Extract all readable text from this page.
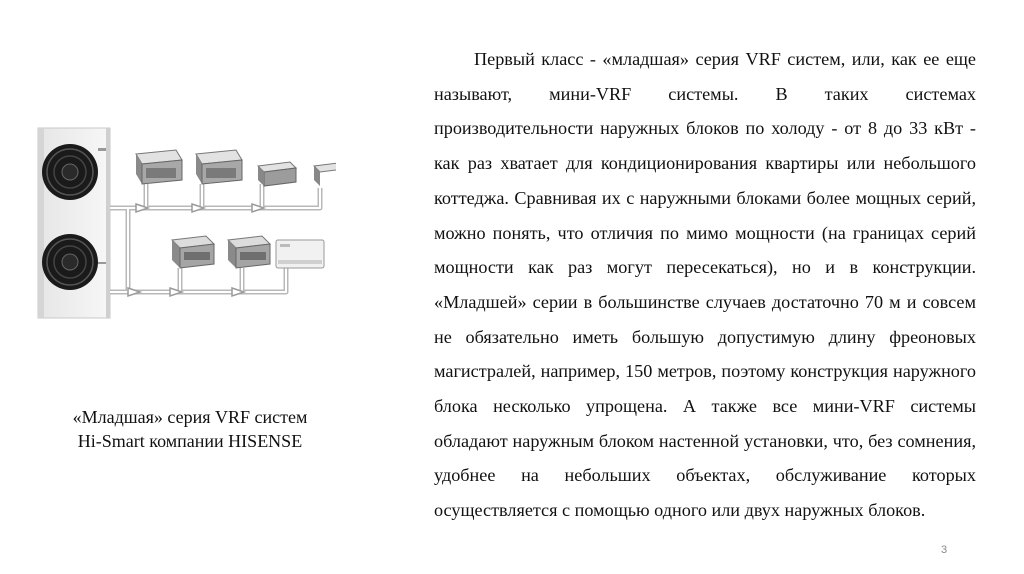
«Младшая» серия VRF систем
Hi-Smart компании HISENSE

Первый класс - «младшая» серия VRF систем, или, как ее еще называют, мини-VRF системы. В таких системах производительности наружных блоков по холоду - от 8 до 33 кВт - как раз хватает для кондиционирования квартиры или небольшого коттеджа. Сравнивая их с наружными блоками более мощных серий, можно понять, что отличия по мимо мощности (на границах серий мощности как раз могут пересекаться), но и в конструкции. «Младшей» серии в большинстве случаев достаточно 70 м и совсем не обязательно иметь большую допустимую длину фреоновых магистралей, например, 150 метров, поэтому конструкция наружного блока несколько упрощена. А также все мини-VRF системы обладают наружным блоком настенной установки, что, без сомнения, удобнее на небольших объектах, обслуживание которых осуществляется с помощью одного или двух наружных блоков.

3
